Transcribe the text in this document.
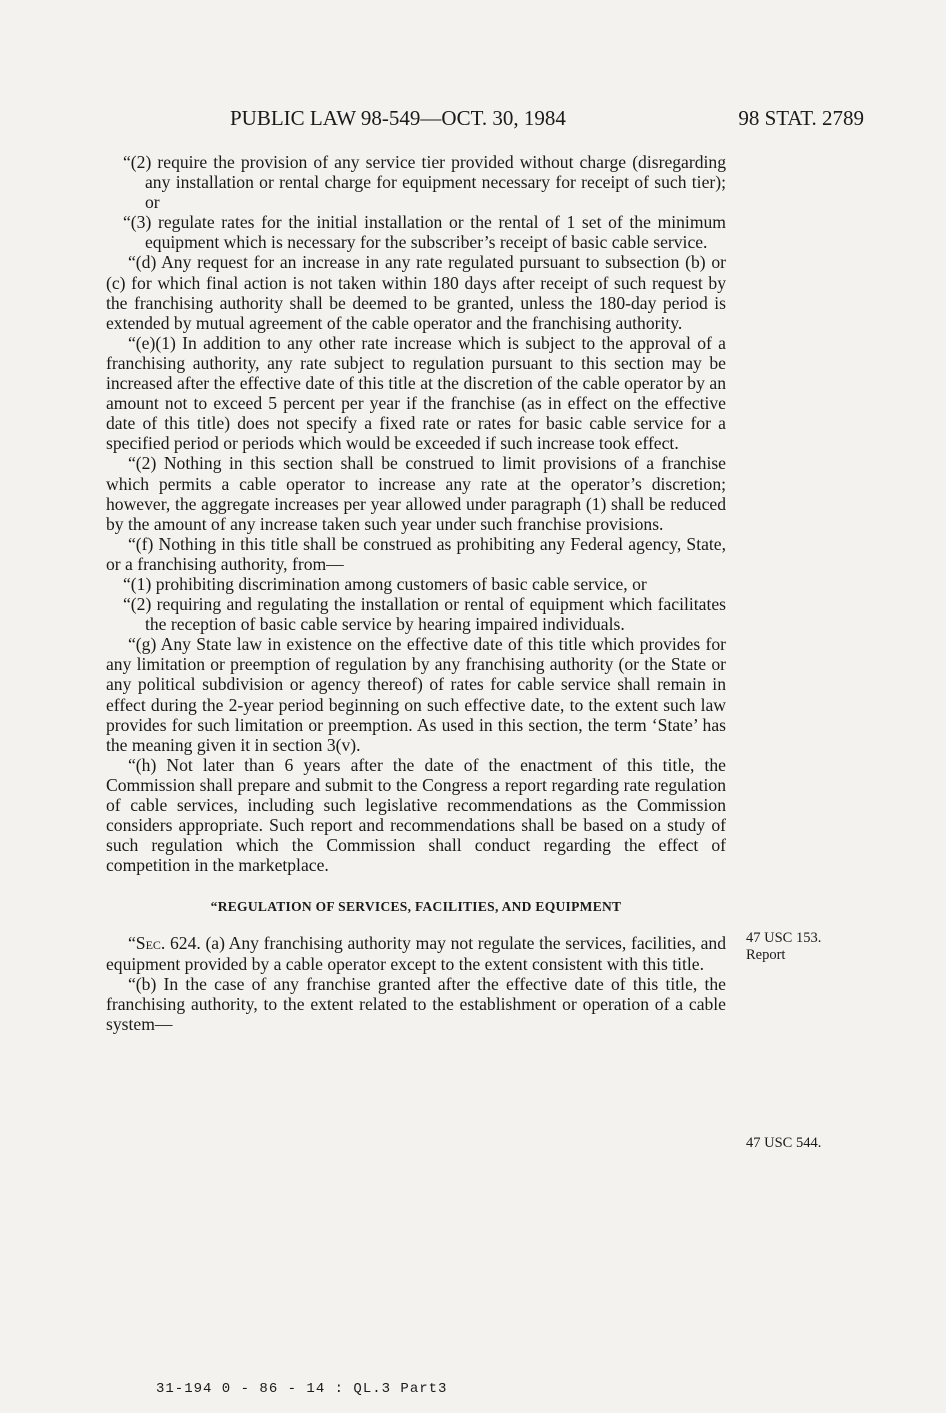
PUBLIC LAW 98-549—OCT. 30, 1984	98 STAT. 2789

“(2) require the provision of any service tier provided without charge (disregarding any installation or rental charge for equipment necessary for receipt of such tier); or

“(3) regulate rates for the initial installation or the rental of 1 set of the minimum equipment which is necessary for the subscriber’s receipt of basic cable service.

“(d) Any request for an increase in any rate regulated pursuant to subsection (b) or (c) for which final action is not taken within 180 days after receipt of such request by the franchising authority shall be deemed to be granted, unless the 180-day period is extended by mutual agreement of the cable operator and the franchising authority.

“(e)(1) In addition to any other rate increase which is subject to the approval of a franchising authority, any rate subject to regulation pursuant to this section may be increased after the effective date of this title at the discretion of the cable operator by an amount not to exceed 5 percent per year if the franchise (as in effect on the effective date of this title) does not specify a fixed rate or rates for basic cable service for a specified period or periods which would be exceeded if such increase took effect.

“(2) Nothing in this section shall be construed to limit provisions of a franchise which permits a cable operator to increase any rate at the operator’s discretion; however, the aggregate increases per year allowed under paragraph (1) shall be reduced by the amount of any increase taken such year under such franchise provisions.

“(f) Nothing in this title shall be construed as prohibiting any Federal agency, State, or a franchising authority, from—

“(1) prohibiting discrimination among customers of basic cable service, or

“(2) requiring and regulating the installation or rental of equipment which facilitates the reception of basic cable service by hearing impaired individuals.

“(g) Any State law in existence on the effective date of this title which provides for any limitation or preemption of regulation by any franchising authority (or the State or any political subdivision or agency thereof) of rates for cable service shall remain in effect during the 2-year period beginning on such effective date, to the extent such law provides for such limitation or preemption. As used in this section, the term ‘State’ has the meaning given it in section 3(v).

“(h) Not later than 6 years after the date of the enactment of this title, the Commission shall prepare and submit to the Congress a report regarding rate regulation of cable services, including such legislative recommendations as the Commission considers appropriate. Such report and recommendations shall be based on a study of such regulation which the Commission shall conduct regarding the effect of competition in the marketplace.

“REGULATION OF SERVICES, FACILITIES, AND EQUIPMENT

“Sec. 624. (a) Any franchising authority may not regulate the services, facilities, and equipment provided by a cable operator except to the extent consistent with this title.

“(b) In the case of any franchise granted after the effective date of this title, the franchising authority, to the extent related to the establishment or operation of a cable system—

47 USC 153.
Report
47 USC 544.
31-194 0 - 86 - 14 : QL.3 Part3
